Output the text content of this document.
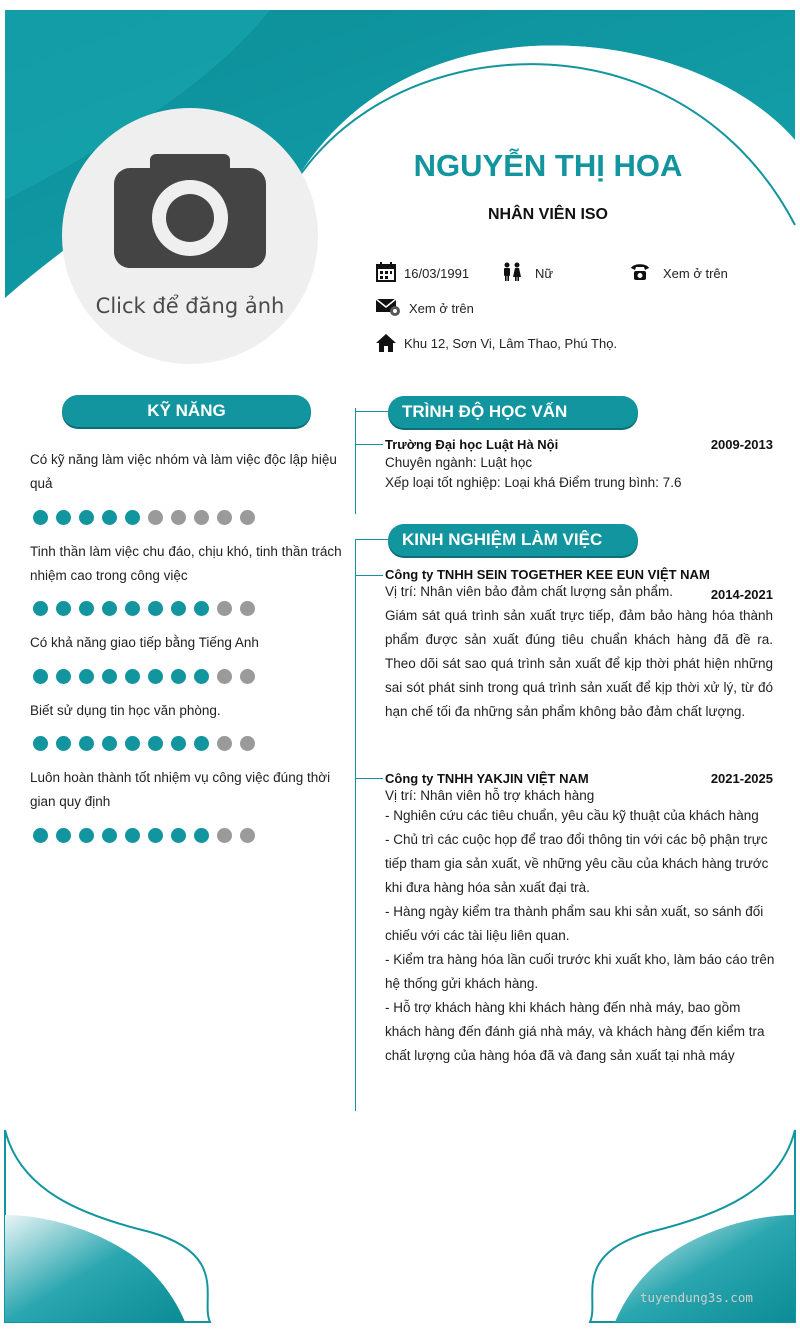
Click để đăng ảnh
NGUYỄN THỊ HOA
NHÂN VIÊN ISO
16/03/1991	Nữ	Xem ở trên
Xem ở trên
Khu 12, Sơn Vi, Lâm Thao, Phú Thọ.
KỸ NĂNG
Có kỹ năng làm việc nhóm và làm việc độc lập hiệu quả
Tinh thần làm việc chu đáo, chịu khó, tinh thần trách nhiệm cao trong công việc
Có khả năng giao tiếp bằng Tiếng Anh
Biết sử dụng tin học văn phòng.
Luôn hoàn thành tốt nhiệm vụ công việc đúng thời gian quy định
TRÌNH ĐỘ HỌC VẤN
Trường Đại học Luật Hà Nội	2009-2013
Chuyên ngành: Luật học
Xếp loại tốt nghiệp: Loại khá Điểm trung bình: 7.6
KINH NGHIỆM LÀM VIỆC
Công ty TNHH SEIN TOGETHER KEE EUN VIỆT NAM
Vị trí: Nhân viên bảo đảm chất lượng sản phẩm.	2014-2021
Giám sát quá trình sản xuất trực tiếp, đảm bảo hàng hóa thành phẩm được sản xuất đúng tiêu chuẩn khách hàng đã đề ra. Theo dõi sát sao quá trình sản xuất để kịp thời phát hiện những sai sót phát sinh trong quá trình sản xuất để kịp thời xử lý, từ đó hạn chế tối đa những sản phẩm không bảo đảm chất lượng.
Công ty TNHH YAKJIN VIỆT NAM	2021-2025
Vị trí: Nhân viên hỗ trợ khách hàng
- Nghiên cứu các tiêu chuẩn, yêu cầu kỹ thuật của khách hàng
- Chủ trì các cuộc họp để trao đổi thông tin với các bộ phận trực tiếp tham gia sản xuất, về những yêu cầu của khách hàng trước khi đưa hàng hóa sản xuất đại trà.
- Hàng ngày kiểm tra thành phẩm sau khi sản xuất, so sánh đối chiếu với các tài liệu liên quan.
- Kiểm tra hàng hóa lần cuối trước khi xuất kho, làm báo cáo trên hệ thống gửi khách hàng.
- Hỗ trợ khách hàng khi khách hàng đến nhà máy, bao gồm khách hàng đến đánh giá nhà máy, và khách hàng đến kiểm tra chất lượng của hàng hóa đã và đang sản xuất tại nhà máy
tuyendung3s.com
